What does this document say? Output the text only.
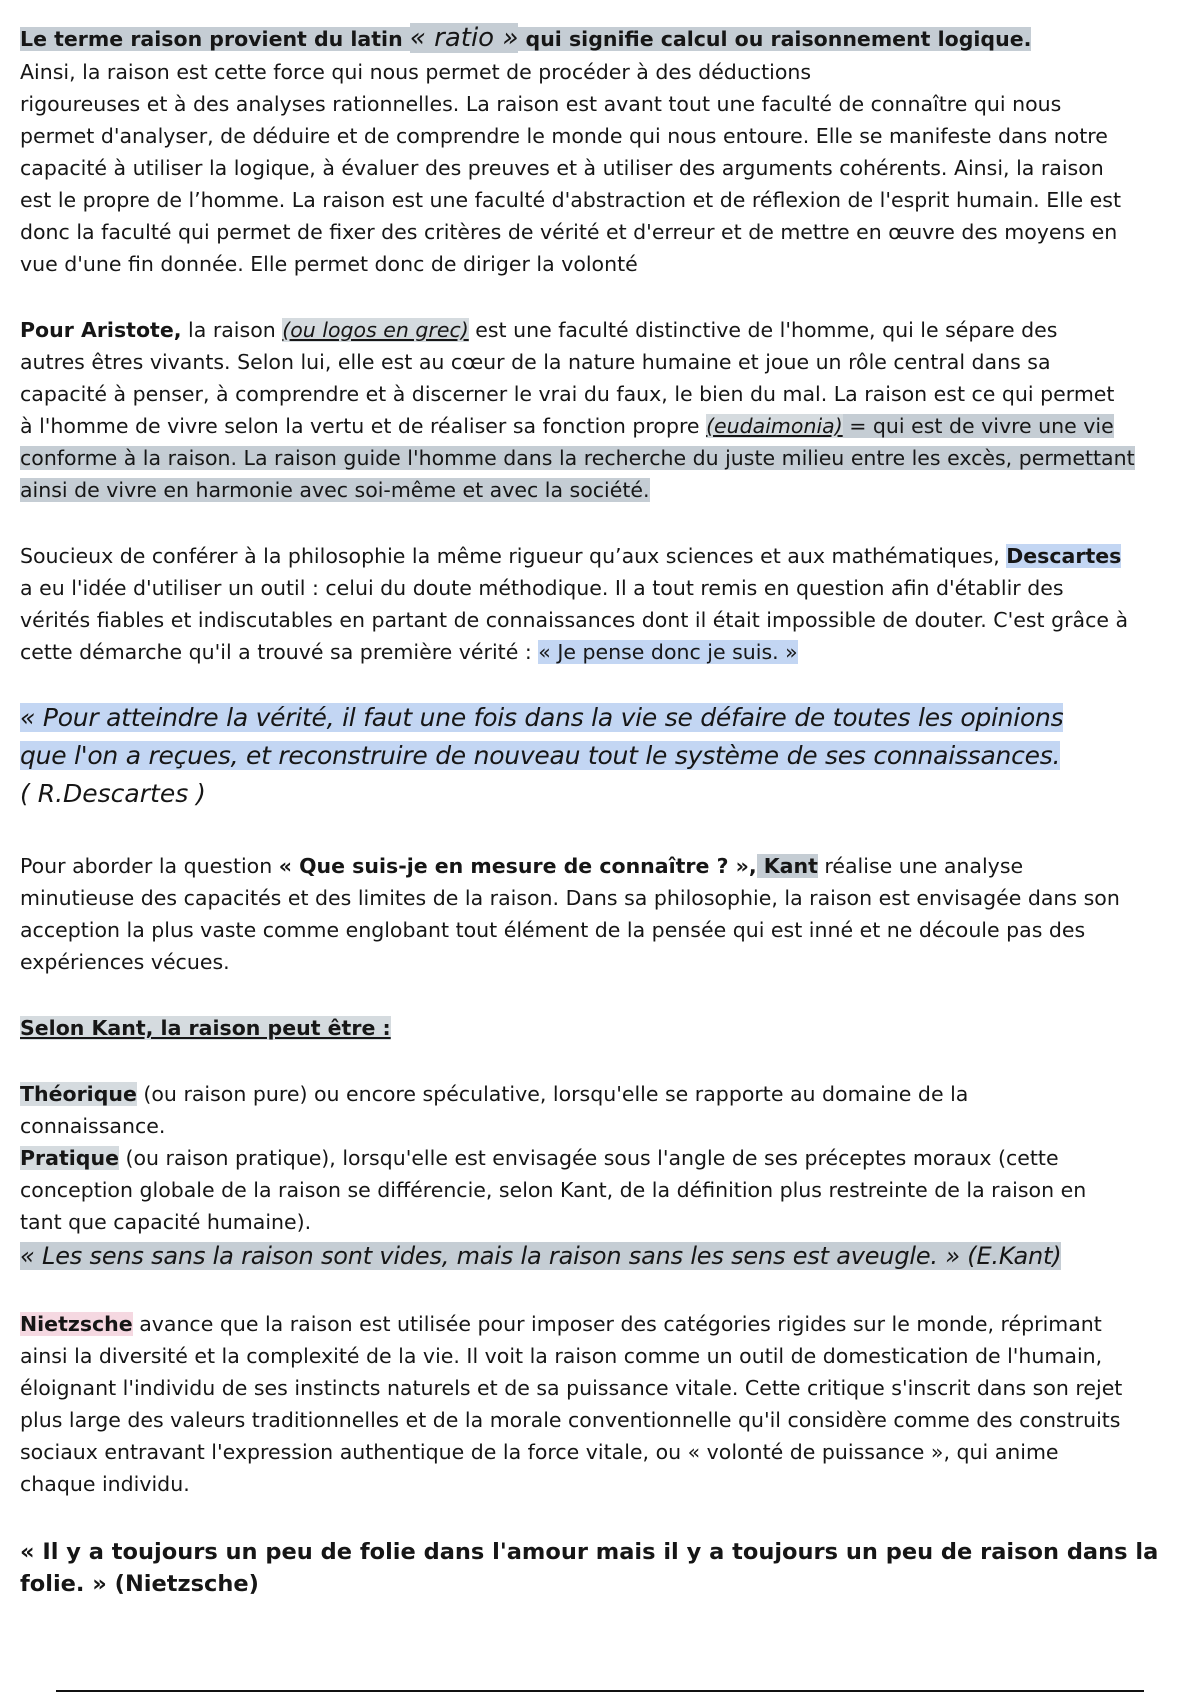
Le terme raison provient du latin « ratio » qui signifie calcul ou raisonnement logique.
Ainsi, la raison est cette force qui nous permet de procéder à des déductions
rigoureuses et à des analyses rationnelles. La raison est avant tout une faculté de connaître qui nous
permet d'analyser, de déduire et de comprendre le monde qui nous entoure. Elle se manifeste dans notre
capacité à utiliser la logique, à évaluer des preuves et à utiliser des arguments cohérents. Ainsi, la raison
est le propre de l’homme. La raison est une faculté d'abstraction et de réflexion de l'esprit humain. Elle est
donc la faculté qui permet de fixer des critères de vérité et d'erreur et de mettre en œuvre des moyens en
vue d'une fin donnée. Elle permet donc de diriger la volonté
Pour Aristote, la raison (ou logos en grec) est une faculté distinctive de l'homme, qui le sépare des
autres êtres vivants. Selon lui, elle est au cœur de la nature humaine et joue un rôle central dans sa
capacité à penser, à comprendre et à discerner le vrai du faux, le bien du mal. La raison est ce qui permet
à l'homme de vivre selon la vertu et de réaliser sa fonction propre (eudaimonia) = qui est de vivre une vie
conforme à la raison. La raison guide l'homme dans la recherche du juste milieu entre les excès, permettant
ainsi de vivre en harmonie avec soi-même et avec la société.
Soucieux de conférer à la philosophie la même rigueur qu’aux sciences et aux mathématiques, Descartes
a eu l'idée d'utiliser un outil : celui du doute méthodique. Il a tout remis en question afin d'établir des
vérités fiables et indiscutables en partant de connaissances dont il était impossible de douter. C'est grâce à
cette démarche qu'il a trouvé sa première vérité : « Je pense donc je suis. »
« Pour atteindre la vérité, il faut une fois dans la vie se défaire de toutes les opinions
que l'on a reçues, et reconstruire de nouveau tout le système de ses connaissances.
( R.Descartes )
Pour aborder la question « Que suis-je en mesure de connaître ? », Kant réalise une analyse
minutieuse des capacités et des limites de la raison. Dans sa philosophie, la raison est envisagée dans son
acception la plus vaste comme englobant tout élément de la pensée qui est inné et ne découle pas des
expériences vécues.
Selon Kant, la raison peut être :
Théorique (ou raison pure) ou encore spéculative, lorsqu'elle se rapporte au domaine de la
connaissance.
Pratique (ou raison pratique), lorsqu'elle est envisagée sous l'angle de ses préceptes moraux (cette
conception globale de la raison se différencie, selon Kant, de la définition plus restreinte de la raison en
tant que capacité humaine).
« Les sens sans la raison sont vides, mais la raison sans les sens est aveugle. » (E.Kant)
Nietzsche avance que la raison est utilisée pour imposer des catégories rigides sur le monde, réprimant
ainsi la diversité et la complexité de la vie. Il voit la raison comme un outil de domestication de l'humain,
éloignant l'individu de ses instincts naturels et de sa puissance vitale. Cette critique s'inscrit dans son rejet
plus large des valeurs traditionnelles et de la morale conventionnelle qu'il considère comme des construits
sociaux entravant l'expression authentique de la force vitale, ou « volonté de puissance », qui anime
chaque individu.
« Il y a toujours un peu de folie dans l'amour mais il y a toujours un peu de raison dans la
folie. » (Nietzsche)
